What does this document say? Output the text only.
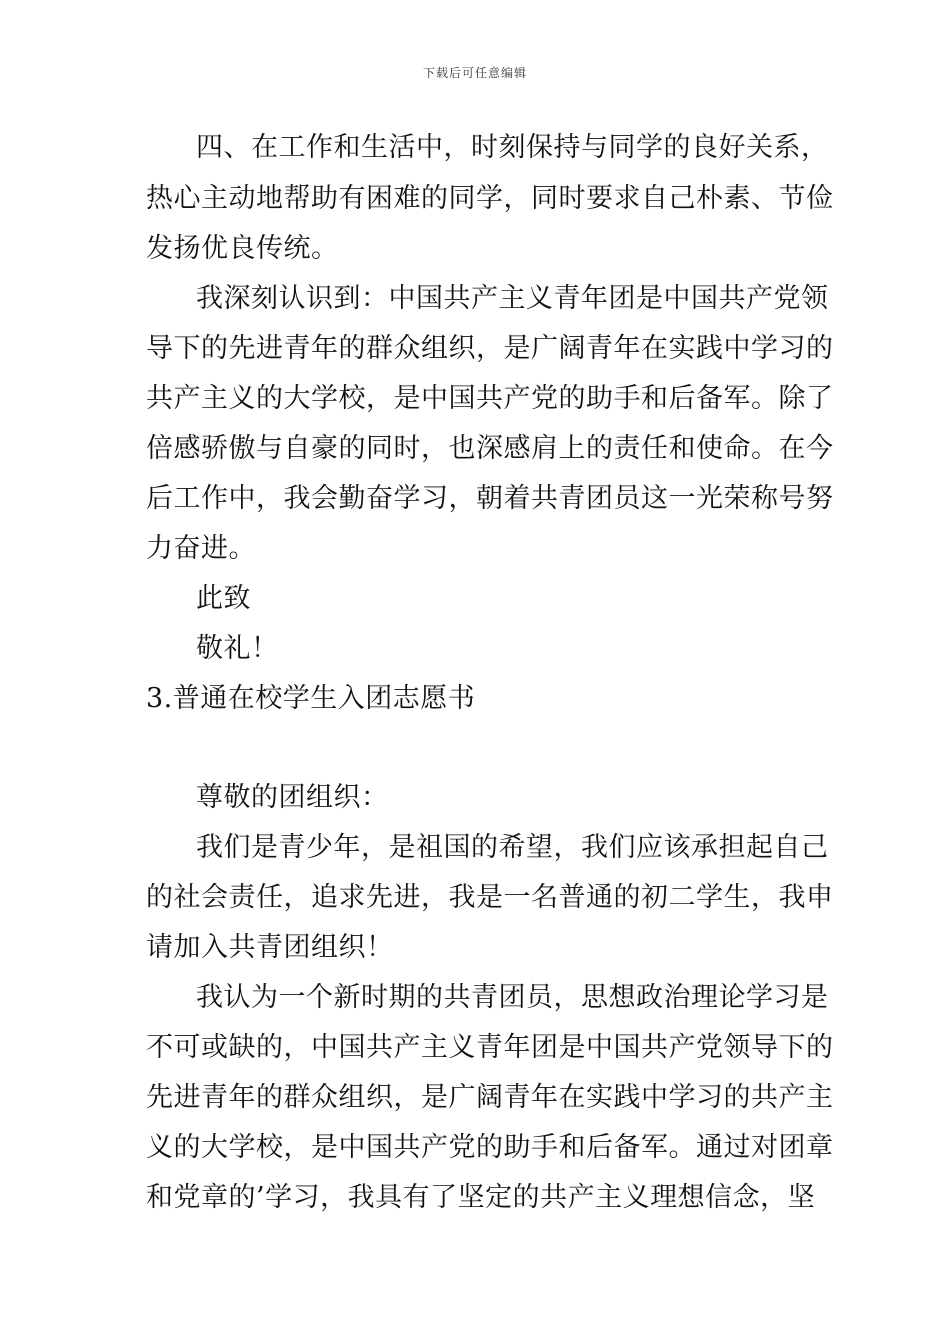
下载后可任意编辑
四、在工作和生活中，时刻保持与同学的良好关系，
热心主动地帮助有困难的同学，同时要求自己朴素、节俭
发扬优良传统。
我深刻认识到：中国共产主义青年团是中国共产党领
导下的先进青年的群众组织，是广阔青年在实践中学习的
共产主义的大学校，是中国共产党的助手和后备军。除了
倍感骄傲与自豪的同时，也深感肩上的责任和使命。在今
后工作中，我会勤奋学习，朝着共青团员这一光荣称号努
力奋进。
此致
敬礼！
3.普通在校学生入团志愿书
尊敬的团组织：
我们是青少年，是祖国的希望，我们应该承担起自己
的社会责任，追求先进，我是一名普通的初二学生，我申
请加入共青团组织！
我认为一个新时期的共青团员，思想政治理论学习是
不可或缺的，中国共产主义青年团是中国共产党领导下的
先进青年的群众组织，是广阔青年在实践中学习的共产主
义的大学校，是中国共产党的助手和后备军。通过对团章
和党章的’学习，我具有了坚定的共产主义理想信念，坚
